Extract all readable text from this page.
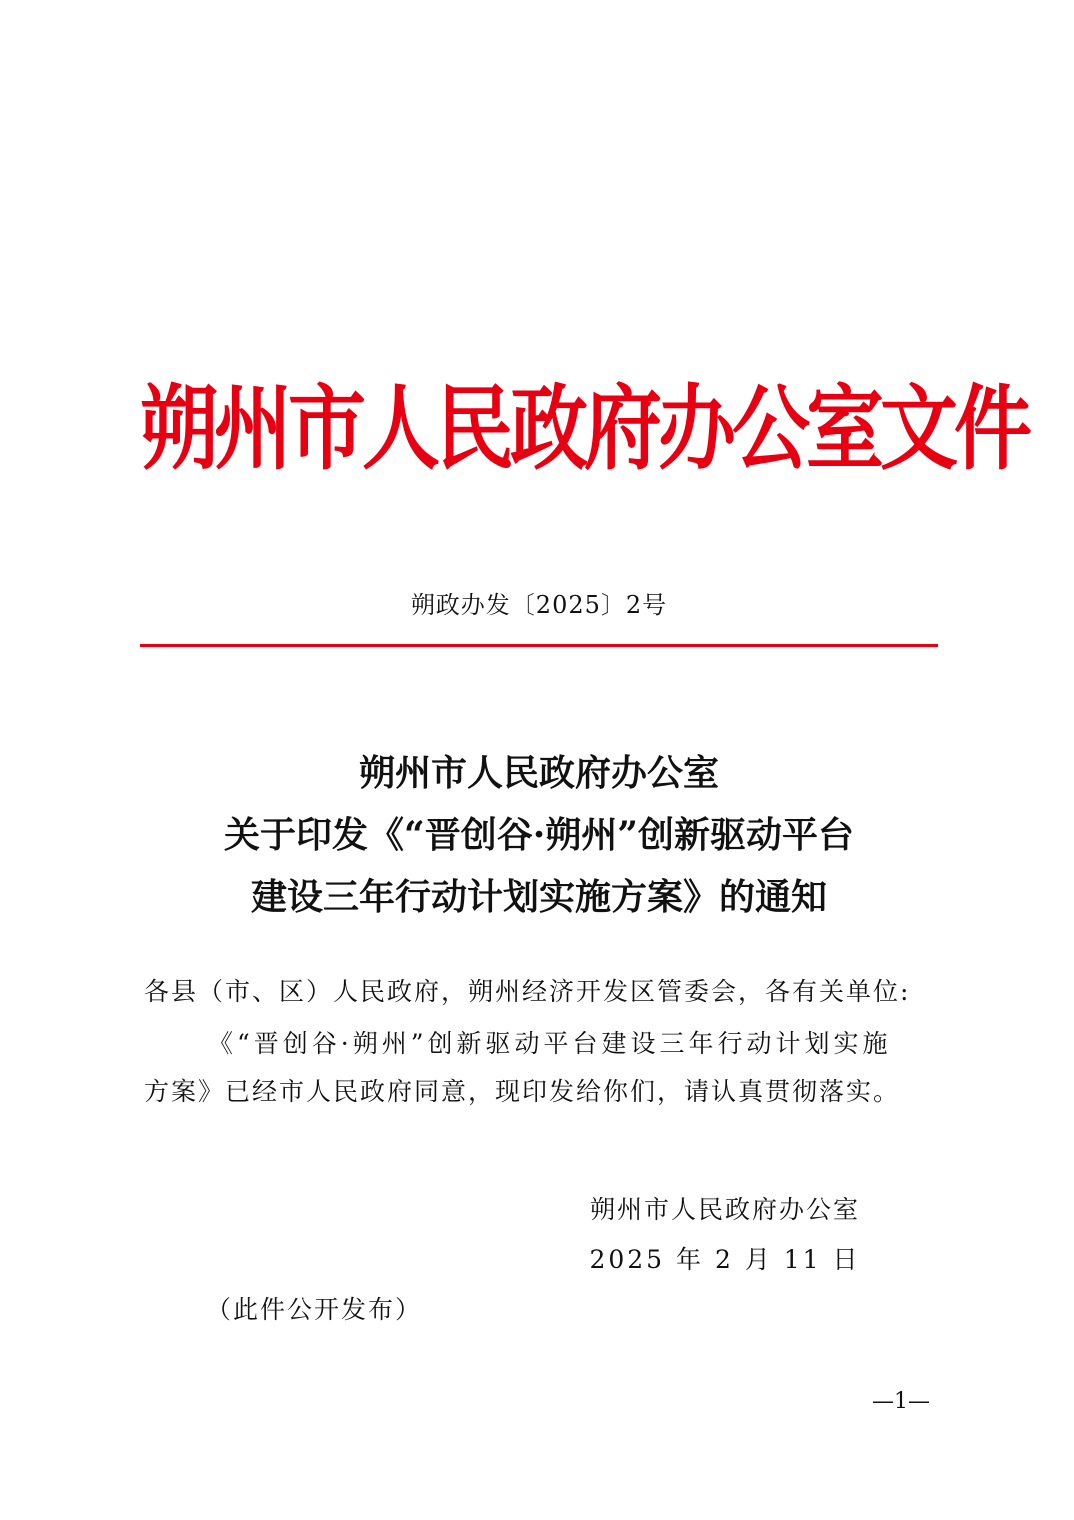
朔州市人民政府办公室文件
朔政办发〔2025〕2号
朔州市人民政府办公室
关于印发《“晋创谷·朔州”创新驱动平台
建设三年行动计划实施方案》的通知
各县（市、区）人民政府，朔州经济开发区管委会，各有关单位:
《“晋创谷·朔州”创新驱动平台建设三年行动计划实施
方案》已经市人民政府同意，现印发给你们，请认真贯彻落实。
朔州市人民政府办公室
2025 年 2 月 11 日
（此件公开发布）
—1—
